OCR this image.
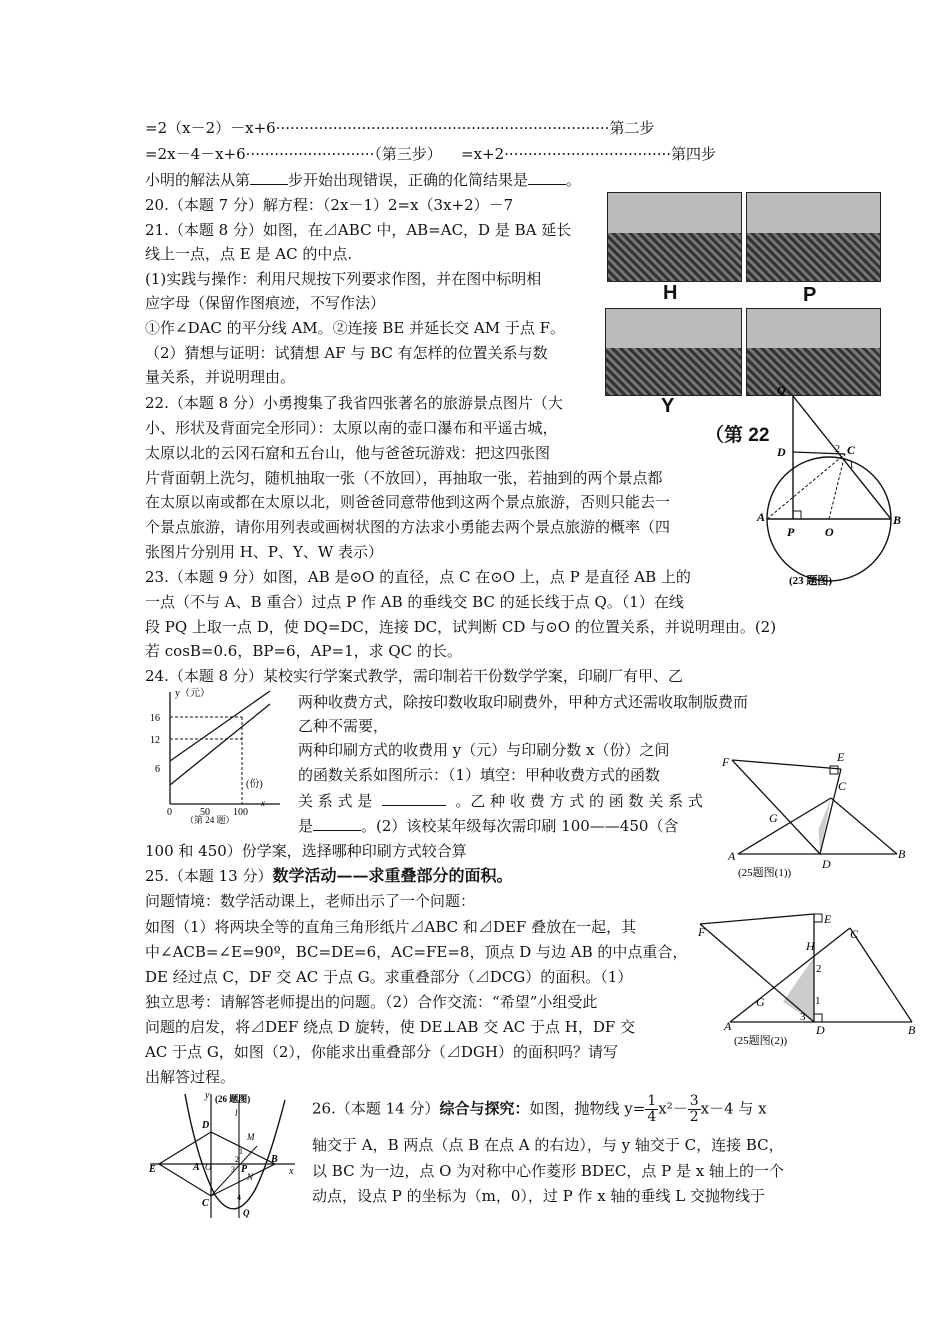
=2（x－2）－x+6······································································第二步
=2x－4－x+6···························（第三步） =x+2···································第四步
小明的解法从第	步开始出现错误，正确的化简结果是	。
20.（本题 7 分）解方程：（2x－1）2=x（3x+2）－7
21.（本题 8 分）如图，在⊿ABC 中，AB=AC，D 是 BA 延长
线上一点，点 E 是 AC 的中点.
(1)实践与操作：利用尺规按下列要求作图，并在图中标明相
应字母（保留作图痕迹，不写作法）
①作∠DAC 的平分线 AM。②连接 BE 并延长交 AM 于点 F。
（2）猜想与证明：试猜想 AF 与 BC 有怎样的位置关系与数
量关系，并说明理由。
22.（本题 8 分）小勇搜集了我省四张著名的旅游景点图片（大
小、形状及背面完全形同）：太原以南的壶口瀑布和平遥古城，
太原以北的云冈石窟和五台山，他与爸爸玩游戏：把这四张图
片背面朝上洗匀，随机抽取一张（不放回），再抽取一张，若抽到的两个景点都
在太原以南或都在太原以北，则爸爸同意带他到这两个景点旅游，否则只能去一
个景点旅游，请你用列表或画树状图的方法求小勇能去两个景点旅游的概率（四
张图片分别用 H、P、Y、W 表示）
23.（本题 9 分）如图，AB 是⊙O 的直径，点 C 在⊙O 上，点 P 是直径 AB 上的
一点（不与 A、B 重合）过点 P 作 AB 的垂线交 BC 的延长线于点 Q。（1）在线
段 PQ 上取一点 D，使 DQ=DC，连接 DC，试判断 CD 与⊙O 的位置关系，并说明理由。(2)
若 cosB=0.6，BP=6，AP=1，求 QC 的长。
24.（本题 8 分）某校实行学案式教学，需印制若干份数学学案，印刷厂有甲、乙
两种收费方式，除按印数收取印刷费外，甲种方式还需收取制版费而
乙种不需要，
两种印刷方式的收费用 y（元）与印刷分数 x（份）之间
的函数关系如图所示：（1）填空：甲种收费方式的函数
关 系 式 是	。乙 种 收 费 方 式 的 函 数 关 系 式
是	。(2）该校某年级每次需印刷 100——450（含
100 和 450）份学案，选择哪种印刷方式较合算
25.（本题 13 分）数学活动——求重叠部分的面积。
问题情境：数学活动课上，老师出示了一个问题：
如图（1）将两块全等的直角三角形纸片⊿ABC 和⊿DEF 叠放在一起，其
中∠ACB=∠E=90º，BC=DE=6，AC=FE=8，顶点 D 与边 AB 的中点重合，
DE 经过点 C，DF 交 AC 于点 G。求重叠部分（⊿DCG）的面积。（1）
独立思考：请解答老师提出的问题。（2）合作交流：“希望”小组受此
问题的启发，将⊿DEF 绕点 D 旋转，使 DE⊥AB 交 AC 于点 H，DF 交
AC 于点 G，如图（2），你能求出重叠部分（⊿DGH）的面积吗？请写
出解答过程。
26.（本题 14 分）综合与探究：如图，抛物线 $y= \frac{1}{4} x^2- \frac{3}{2} x-4$ 与 x
轴交于 A，B 两点（点 B 在点 A 的右边），与 y 轴交于 C，连接 BC，
以 BC 为一边，点 O 为对称中心作菱形 BDEC，点 P 是 x 轴上的一个
动点，设点 P 的坐标为（m，0），过 P 作 x 轴的垂线 L 交抛物线于
H	P
Y
（第 22
Q
D	C
A
P	O
B
2
1
(23 题图)
y（元）
16
12
6
0	50 100
(份)
x
（第 24 题）
F	E
C
G
A
D
B
(25题图(1))
F
E
C
H
G
A	D	B
2
1
3
(25题图(2))
(26 题图)
y
x
D
E	A O	P
B
C
M
N
Q
l
1
2
3
4
